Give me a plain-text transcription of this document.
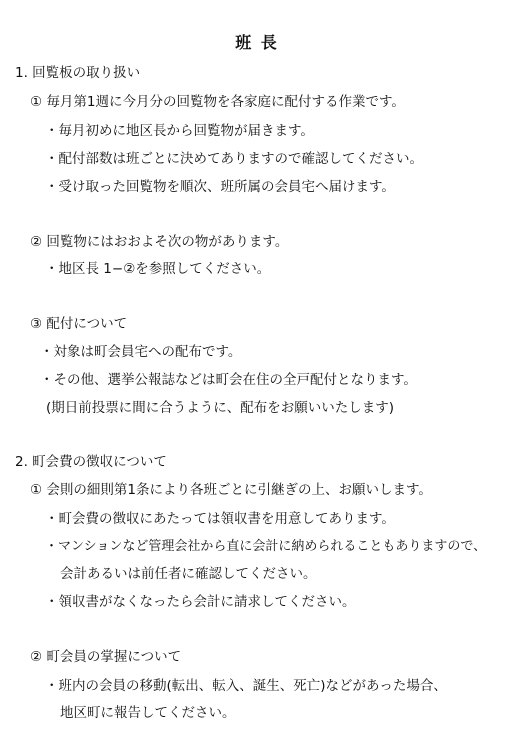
班 長
1. 回覧板の取り扱い
① 毎月第1週に今月分の回覧物を各家庭に配付する作業です。
・毎月初めに地区長から回覧物が届きます。
・配付部数は班ごとに決めてありますので確認してください。
・受け取った回覧物を順次、班所属の会員宅へ届けます。
② 回覧物にはおおよそ次の物があります。
・地区長 1−②を参照してください。
③ 配付について
・対象は町会員宅への配布です。
・その他、選挙公報誌などは町会在住の全戸配付となります。
(期日前投票に間に合うように、配布をお願いいたします)
2. 町会費の徴収について
① 会則の細則第1条により各班ごとに引継ぎの上、お願いします。
・町会費の徴収にあたっては領収書を用意してあります。
・マンションなど管理会社から直に会計に納められることもありますので、
会計あるいは前任者に確認してください。
・領収書がなくなったら会計に請求してください。
② 町会員の掌握について
・班内の会員の移動(転出、転入、誕生、死亡)などがあった場合、
地区町に報告してください。
